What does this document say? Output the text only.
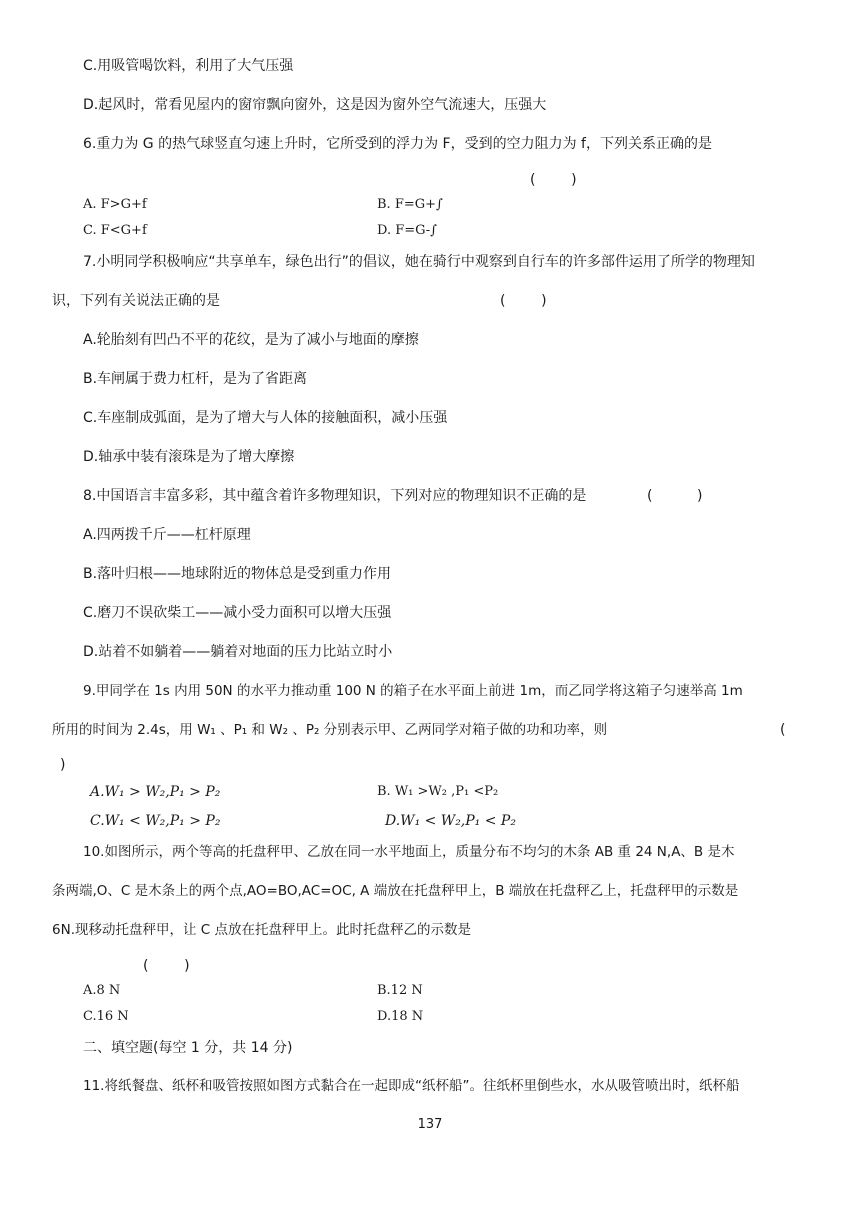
C.用吸管喝饮料，利用了大气压强
D.起风时，常看见屋内的窗帘飘向窗外，这是因为窗外空气流速大，压强大
6.重力为 G 的热气球竖直匀速上升时，它所受到的浮力为 F，受到的空力阻力为 f，下列关系正确的是
(        )
A. F>G+f	B. F=G+∫
C. F<G+f	D. F=G-∫
7.小明同学积极响应“共享单车，绿色出行”的倡议，她在骑行中观察到自行车的许多部件运用了所学的物理知
识，下列有关说法正确的是	(        )
A.轮胎刻有凹凸不平的花纹，是为了减小与地面的摩擦
B.车闸属于费力杠杆，是为了省距离
C.车座制成弧面，是为了增大与人体的接触面积，减小压强
D.轴承中装有滚珠是为了增大摩擦
8.中国语言丰富多彩，其中蕴含着许多物理知识，下列对应的物理知识不正确的是	(          )
A.四两拨千斤——杠杆原理
B.落叶归根——地球附近的物体总是受到重力作用
C.磨刀不误砍柴工——减小受力面积可以增大压强
D.站着不如躺着——躺着对地面的压力比站立时小
9.甲同学在 1s 内用 50N 的水平力推动重 100 N 的箱子在水平面上前进 1m，而乙同学将这箱子匀速举高 1m
所用的时间为 2.4s，用 W₁ 、P₁ 和 W₂ 、P₂ 分别表示甲、乙两同学对箱子做的功和功率，则	(
)
A.W₁ > W₂,P₁ > P₂	B. W₁ >W₂ ,P₁ <P₂
C.W₁ < W₂,P₁ > P₂	D.W₁ < W₂,P₁ < P₂
10.如图所示，两个等高的托盘秤甲、乙放在同一水平地面上，质量分布不均匀的木条 AB 重 24 N,A、B 是木
条两端,O、C 是木条上的两个点,AO=BO,AC=OC, A 端放在托盘秤甲上，B 端放在托盘秤乙上，托盘秤甲的示数是
6N.现移动托盘秤甲，让 C 点放在托盘秤甲上。此时托盘秤乙的示数是
(        )
A.8 N	B.12 N
C.16 N	D.18 N
二、填空题(每空 1 分，共 14 分)
11.将纸餐盘、纸杯和吸管按照如图方式黏合在一起即成“纸杯船”。往纸杯里倒些水，水从吸管喷出时，纸杯船
137
